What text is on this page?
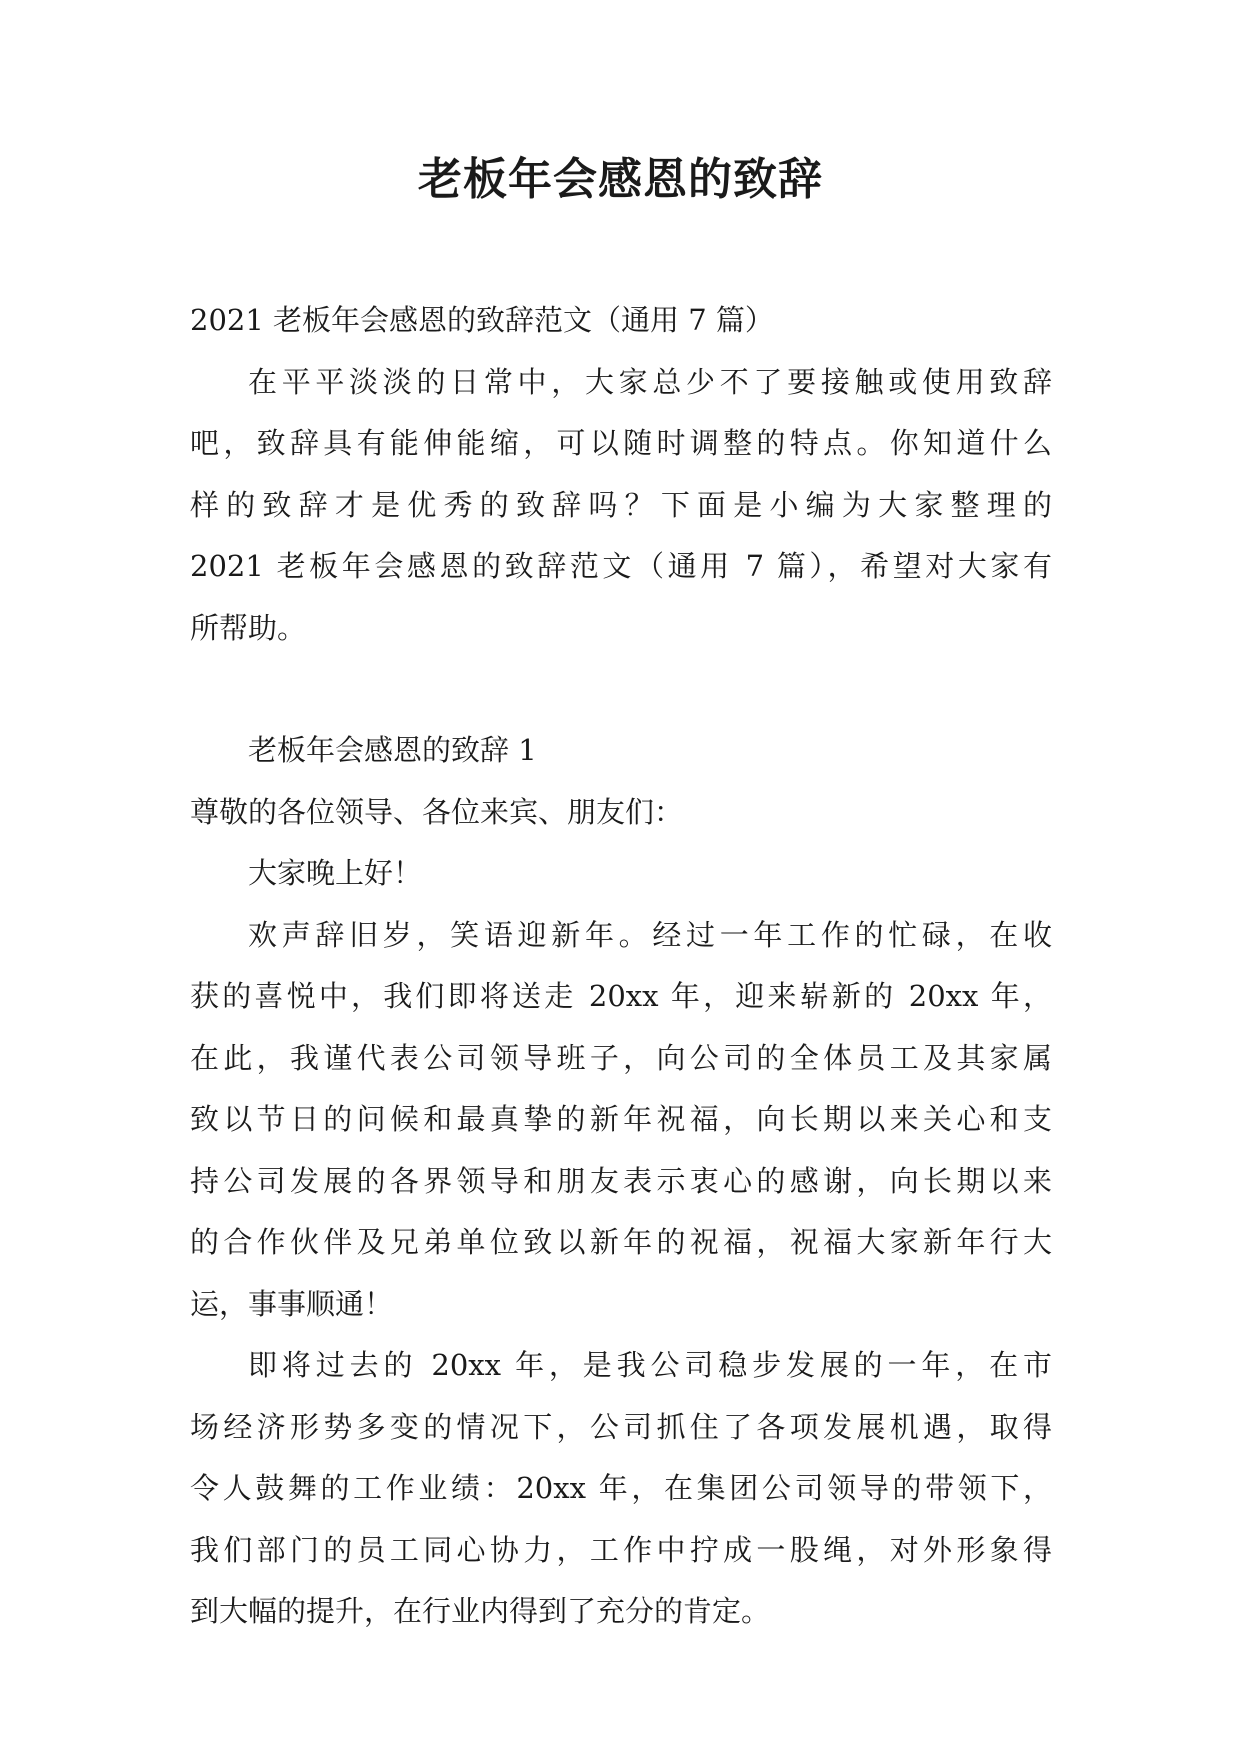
老板年会感恩的致辞
2021 老板年会感恩的致辞范文（通用 7 篇）
在平平淡淡的日常中，大家总少不了要接触或使用致辞
吧，致辞具有能伸能缩，可以随时调整的特点。你知道什么
样的致辞才是优秀的致辞吗？下面是小编为大家整理的
2021 老板年会感恩的致辞范文（通用 7 篇），希望对大家有
所帮助。
老板年会感恩的致辞 1
尊敬的各位领导、各位来宾、朋友们：
大家晚上好！
欢声辞旧岁，笑语迎新年。经过一年工作的忙碌，在收
获的喜悦中，我们即将送走 20xx 年，迎来崭新的 20xx 年，
在此，我谨代表公司领导班子，向公司的全体员工及其家属
致以节日的问候和最真挚的新年祝福，向长期以来关心和支
持公司发展的各界领导和朋友表示衷心的感谢，向长期以来
的合作伙伴及兄弟单位致以新年的祝福，祝福大家新年行大
运，事事顺通！
即将过去的 20xx 年，是我公司稳步发展的一年，在市
场经济形势多变的情况下，公司抓住了各项发展机遇，取得
令人鼓舞的工作业绩：20xx 年，在集团公司领导的带领下，
我们部门的员工同心协力，工作中拧成一股绳，对外形象得
到大幅的提升，在行业内得到了充分的肯定。
